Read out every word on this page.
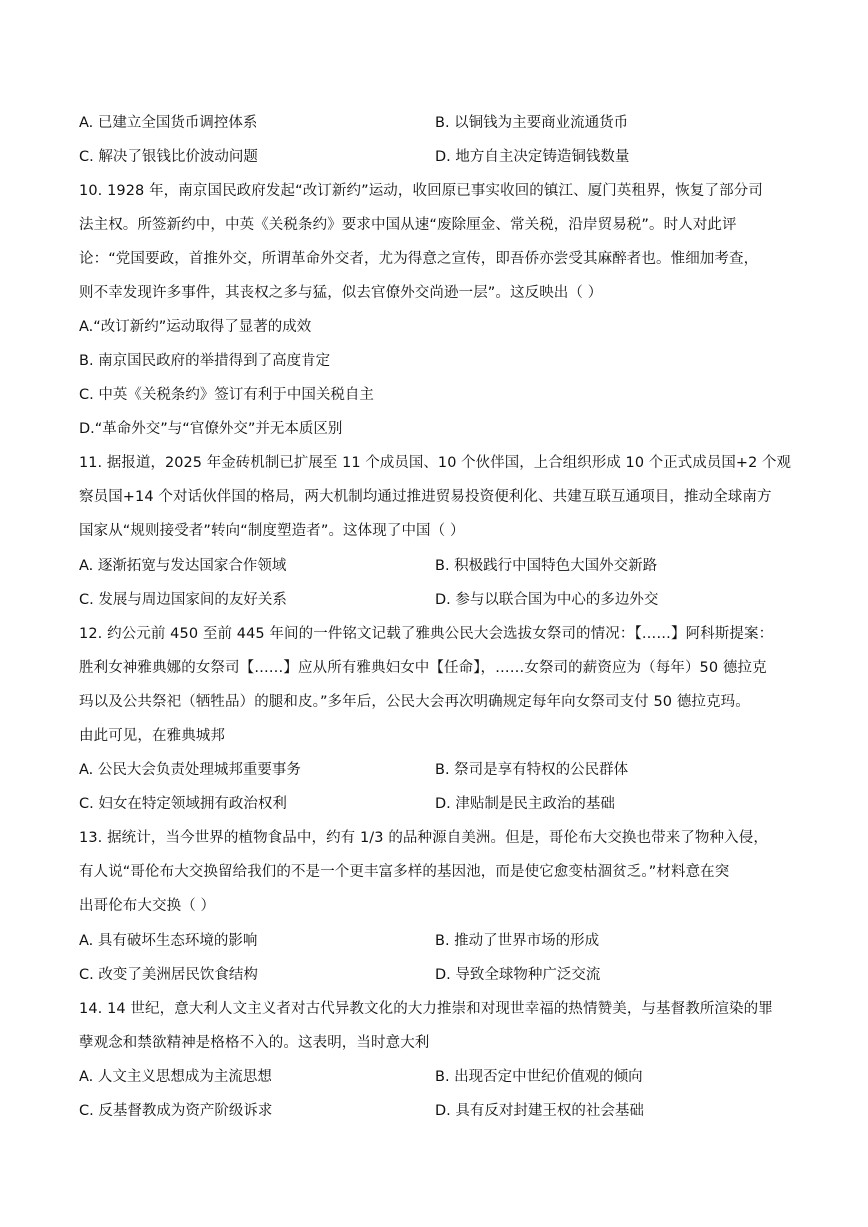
A. 已建立全国货币调控体系	B. 以铜钱为主要商业流通货币
C. 解决了银钱比价波动问题	D. 地方自主决定铸造铜钱数量
10. 1928 年，南京国民政府发起“改订新约”运动，收回原已事实收回的镇江、厦门英租界，恢复了部分司
法主权。所签新约中，中英《关税条约》要求中国从速“废除厘金、常关税，沿岸贸易税”。时人对此评
论：“党国要政，首推外交，所谓革命外交者，尤为得意之宣传，即吾侨亦尝受其麻醉者也。惟细加考查，
则不幸发现许多事件，其丧权之多与猛，似去官僚外交尚逊一层”。这反映出（ ）
A.“改订新约”运动取得了显著的成效
B. 南京国民政府的举措得到了高度肯定
C. 中英《关税条约》签订有利于中国关税自主
D.“革命外交”与“官僚外交”并无本质区别
11. 据报道，2025 年金砖机制已扩展至 11 个成员国、10 个伙伴国，上合组织形成 10 个正式成员国+2 个观
察员国+14 个对话伙伴国的格局，两大机制均通过推进贸易投资便利化、共建互联互通项目，推动全球南方
国家从“规则接受者”转向“制度塑造者”。这体现了中国（ ）
A. 逐渐拓宽与发达国家合作领域	B. 积极践行中国特色大国外交新路
C. 发展与周边国家间的友好关系	D. 参与以联合国为中心的多边外交
12. 约公元前 450 至前 445 年间的一件铭文记载了雅典公民大会选拔女祭司的情况：【……】阿科斯提案：
胜利女神雅典娜的女祭司【……】应从所有雅典妇女中【任命】，……女祭司的薪资应为（每年）50 德拉克
玛以及公共祭祀（牺牲品）的腿和皮。”多年后，公民大会再次明确规定每年向女祭司支付 50 德拉克玛。
由此可见，在雅典城邦
A. 公民大会负责处理城邦重要事务	B. 祭司是享有特权的公民群体
C. 妇女在特定领域拥有政治权利	D. 津贴制是民主政治的基础
13. 据统计，当今世界的植物食品中，约有 1/3 的品种源自美洲。但是，哥伦布大交换也带来了物种入侵，
有人说“哥伦布大交换留给我们的不是一个更丰富多样的基因池，而是使它愈变枯涸贫乏。”材料意在突
出哥伦布大交换（ ）
A. 具有破坏生态环境的影响	B. 推动了世界市场的形成
C. 改变了美洲居民饮食结构	D. 导致全球物种广泛交流
14. 14 世纪，意大利人文主义者对古代异教文化的大力推崇和对现世幸福的热情赞美，与基督教所渲染的罪
孽观念和禁欲精神是格格不入的。这表明，当时意大利
A. 人文主义思想成为主流思想	B. 出现否定中世纪价值观的倾向
C. 反基督教成为资产阶级诉求	D. 具有反对封建王权的社会基础
